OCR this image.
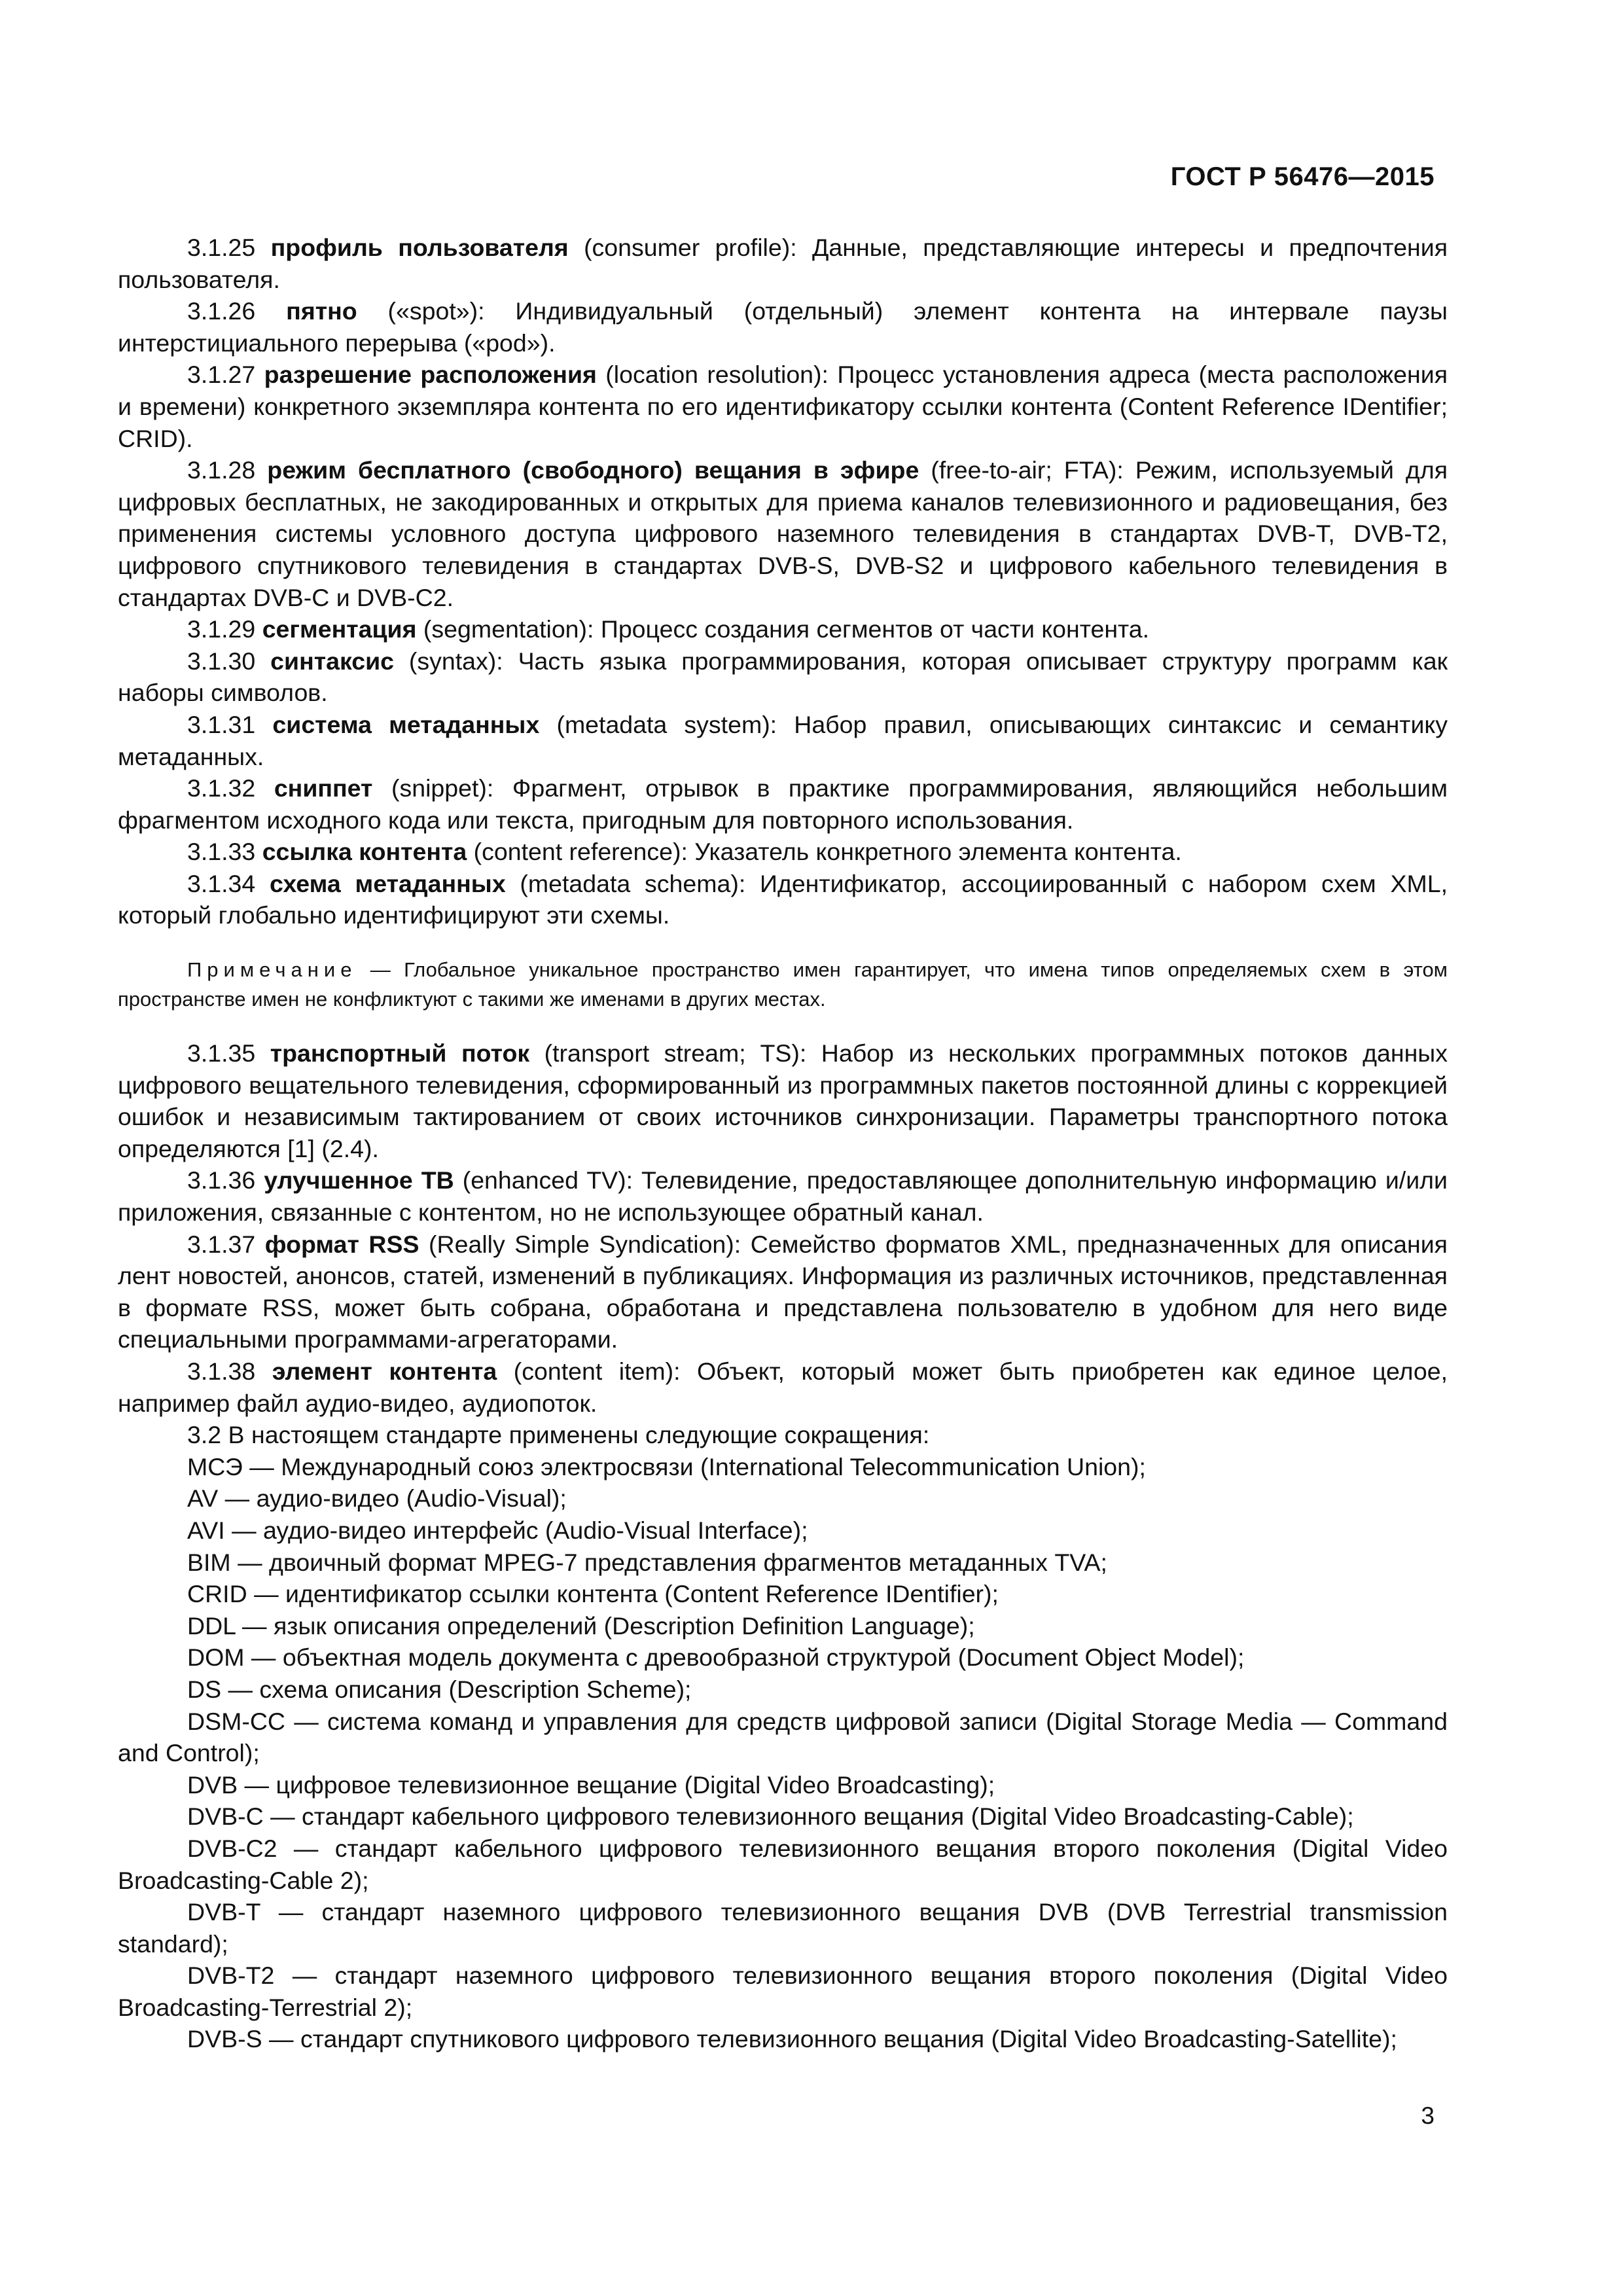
ГОСТ Р 56476—2015

3.1.25 профиль пользователя (consumer profile): Данные, представляющие интересы и предпочтения пользователя.

3.1.26 пятно («spot»): Индивидуальный (отдельный) элемент контента на интервале паузы интерстициального перерыва («pod»).

3.1.27 разрешение расположения (location resolution): Процесс установления адреса (места расположения и времени) конкретного экземпляра контента по его идентификатору ссылки контента (Content Reference IDentifier; CRID).

3.1.28 режим бесплатного (свободного) вещания в эфире (free-to-air; FTA): Режим, используемый для цифровых бесплатных, не закодированных и открытых для приема каналов телевизионного и радиовещания, без применения системы условного доступа цифрового наземного телевидения в стандартах DVB-T, DVB-T2, цифрового спутникового телевидения в стандартах DVB-S, DVB-S2 и цифрового кабельного телевидения в стандартах DVB-C и DVB-C2.

3.1.29 сегментация (segmentation): Процесс создания сегментов от части контента.

3.1.30 синтаксис (syntax): Часть языка программирования, которая описывает структуру программ как наборы символов.

3.1.31 система метаданных (metadata system): Набор правил, описывающих синтаксис и семантику метаданных.

3.1.32 сниппет (snippet): Фрагмент, отрывок в практике программирования, являющийся небольшим фрагментом исходного кода или текста, пригодным для повторного использования.

3.1.33 ссылка контента (content reference): Указатель конкретного элемента контента.

3.1.34 схема метаданных (metadata schema): Идентификатор, ассоциированный с набором схем XML, который глобально идентифицируют эти схемы.

Примечание — Глобальное уникальное пространство имен гарантирует, что имена типов определяемых схем в этом пространстве имен не конфликтуют с такими же именами в других местах.

3.1.35 транспортный поток (transport stream; TS): Набор из нескольких программных потоков данных цифрового вещательного телевидения, сформированный из программных пакетов постоянной длины с коррекцией ошибок и независимым тактированием от своих источников синхронизации. Параметры транспортного потока определяются [1] (2.4).

3.1.36 улучшенное ТВ (enhanced TV): Телевидение, предоставляющее дополнительную информацию и/или приложения, связанные с контентом, но не использующее обратный канал.

3.1.37 формат RSS (Really Simple Syndication): Семейство форматов XML, предназначенных для описания лент новостей, анонсов, статей, изменений в публикациях. Информация из различных источников, представленная в формате RSS, может быть собрана, обработана и представлена пользователю в удобном для него виде специальными программами-агрегаторами.

3.1.38 элемент контента (content item): Объект, который может быть приобретен как единое целое, например файл аудио-видео, аудиопоток.

3.2 В настоящем стандарте применены следующие сокращения:

МСЭ — Международный союз электросвязи (International Telecommunication Union);

AV — аудио-видео (Audio-Visual);

AVI — аудио-видео интерфейс (Audio-Visual Interface);

BIM — двоичный формат MPEG-7 представления фрагментов метаданных TVA;

CRID — идентификатор ссылки контента (Content Reference IDentifier);

DDL — язык описания определений (Description Definition Language);

DOM — объектная модель документа с древообразной структурой (Document Object Model);

DS — схема описания (Description Scheme);

DSM-CC — система команд и управления для средств цифровой записи (Digital Storage Media — Command and Control);

DVB — цифровое телевизионное вещание (Digital Video Broadcasting);

DVB-C — стандарт кабельного цифрового телевизионного вещания (Digital Video Broadcasting-Cable);

DVB-C2 — стандарт кабельного цифрового телевизионного вещания второго поколения (Digital Video Broadcasting-Cable 2);

DVB-T — стандарт наземного цифрового телевизионного вещания DVB (DVB Terrestrial transmission standard);

DVB-T2 — стандарт наземного цифрового телевизионного вещания второго поколения (Digital Video Broadcasting-Terrestrial 2);

DVB-S — стандарт спутникового цифрового телевизионного вещания (Digital Video Broadcasting-Satellite);

3
